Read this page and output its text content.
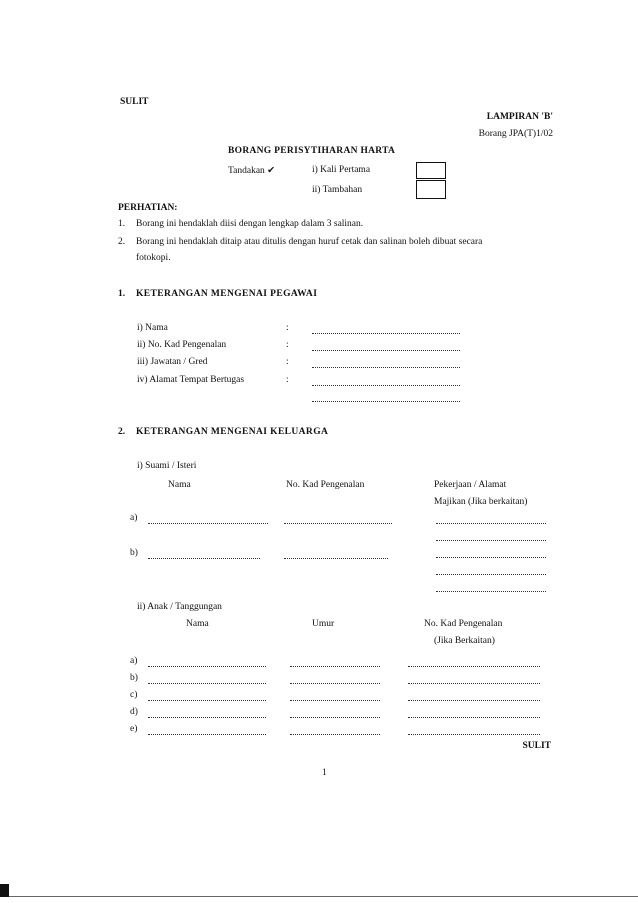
SULIT
LAMPIRAN 'B'
Borang JPA(T)1/02
BORANG PERISYTIHARAN HARTA
Tandakan ✔	i) Kali Pertama
ii) Tambahan
PERHATIAN:
1. Borang ini hendaklah diisi dengan lengkap dalam 3 salinan.
2. Borang ini hendaklah ditaip atau ditulis dengan huruf cetak dan salinan boleh dibuat secara
fotokopi.
1. KETERANGAN MENGENAI PEGAWAI
i) Nama	:
ii) No. Kad Pengenalan	:
iii) Jawatan / Gred	:
iv) Alamat Tempat Bertugas	:
2. KETERANGAN MENGENAI KELUARGA
i) Suami / Isteri
Nama	No. Kad Pengenalan	Pekerjaan / Alamat
Majikan (Jika berkaitan)
a)
b)
ii) Anak / Tanggungan
Nama	Umur	No. Kad Pengenalan
(Jika Berkaitan)
a)
b)
c)
d)
e)
SULIT
1
